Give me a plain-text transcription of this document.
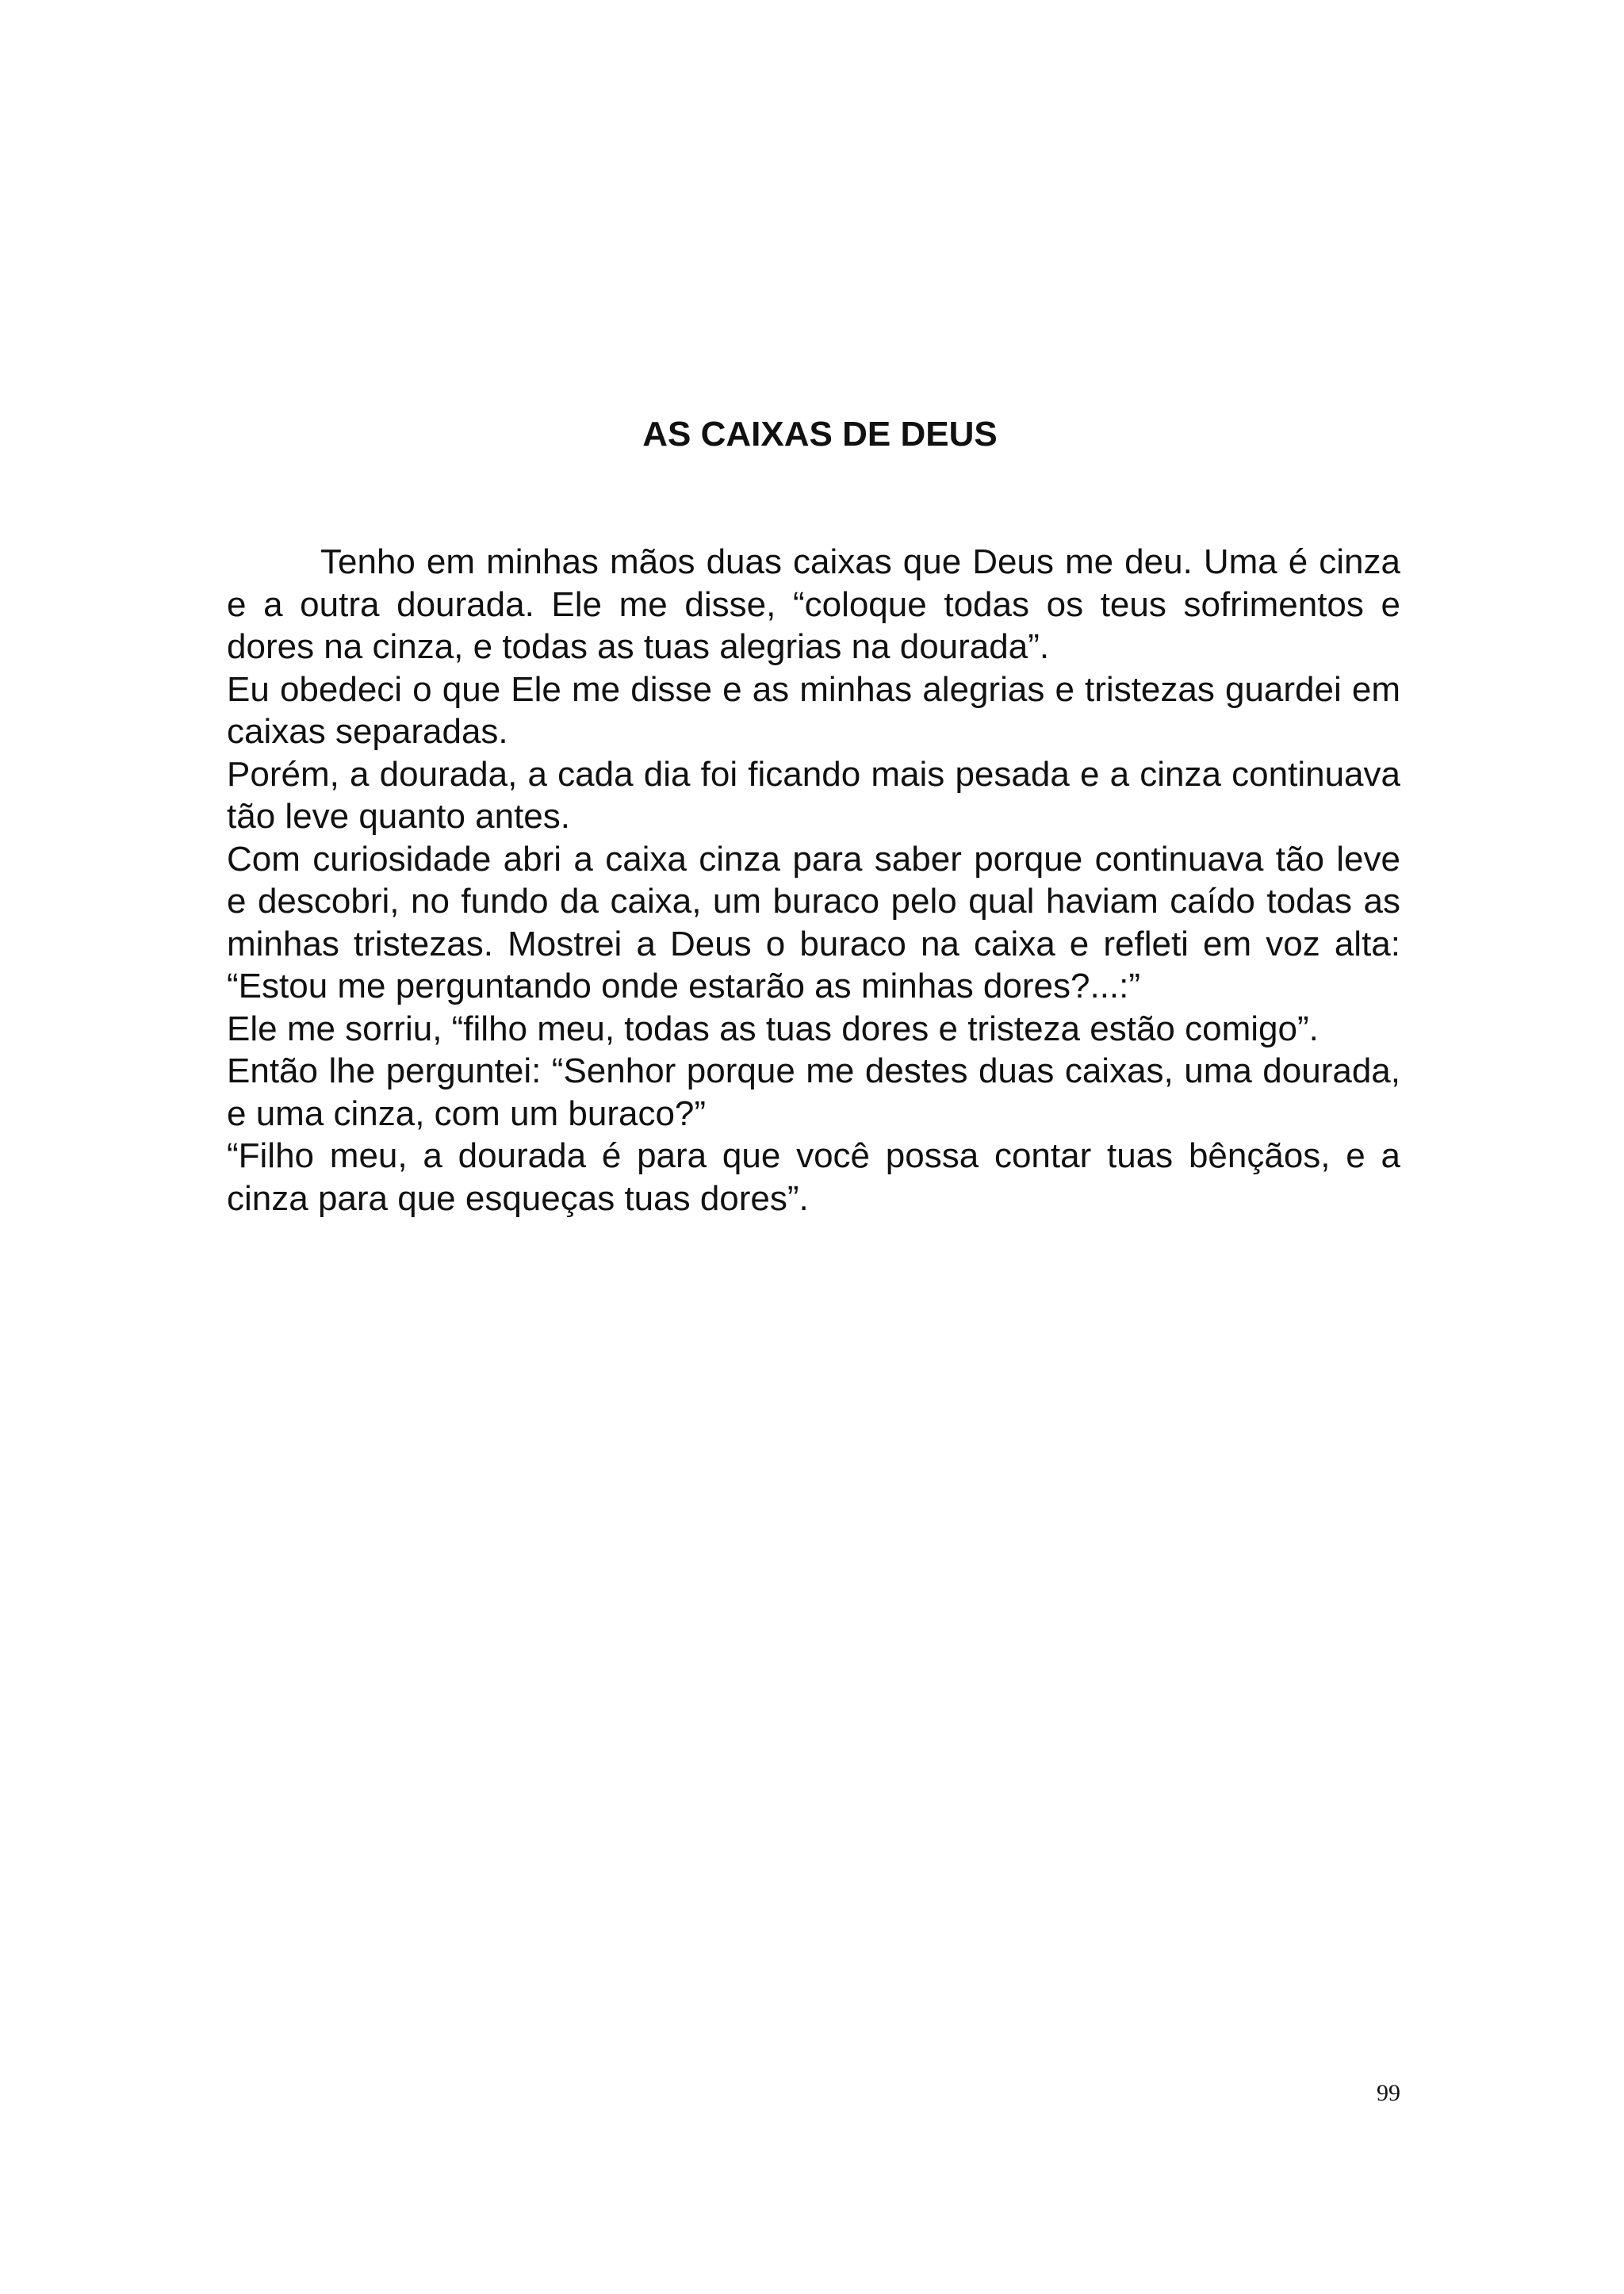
AS CAIXAS DE DEUS

Tenho em minhas mãos duas caixas que Deus me deu. Uma é cinza e a outra dourada. Ele me disse, “coloque todas os teus sofrimentos e dores na cinza, e todas as tuas alegrias na dourada”.

Eu obedeci o que Ele me disse e as minhas alegrias e tristezas guardei em caixas separadas.

Porém, a dourada, a cada dia foi ficando mais pesada e a cinza continuava tão leve quanto antes.

Com curiosidade abri a caixa cinza para saber porque continuava tão leve e descobri, no fundo da caixa, um buraco pelo qual haviam caído todas as minhas tristezas. Mostrei a Deus o buraco na caixa e refleti em voz alta: “Estou me perguntando onde estarão as minhas dores?...:”

Ele me sorriu, “filho meu, todas as tuas dores e tristeza estão comigo”.

Então lhe perguntei: “Senhor porque me destes duas caixas, uma dourada, e uma cinza, com um buraco?”

“Filho meu, a dourada é para que você possa contar tuas bênçãos, e a cinza para que esqueças tuas dores”.

99
